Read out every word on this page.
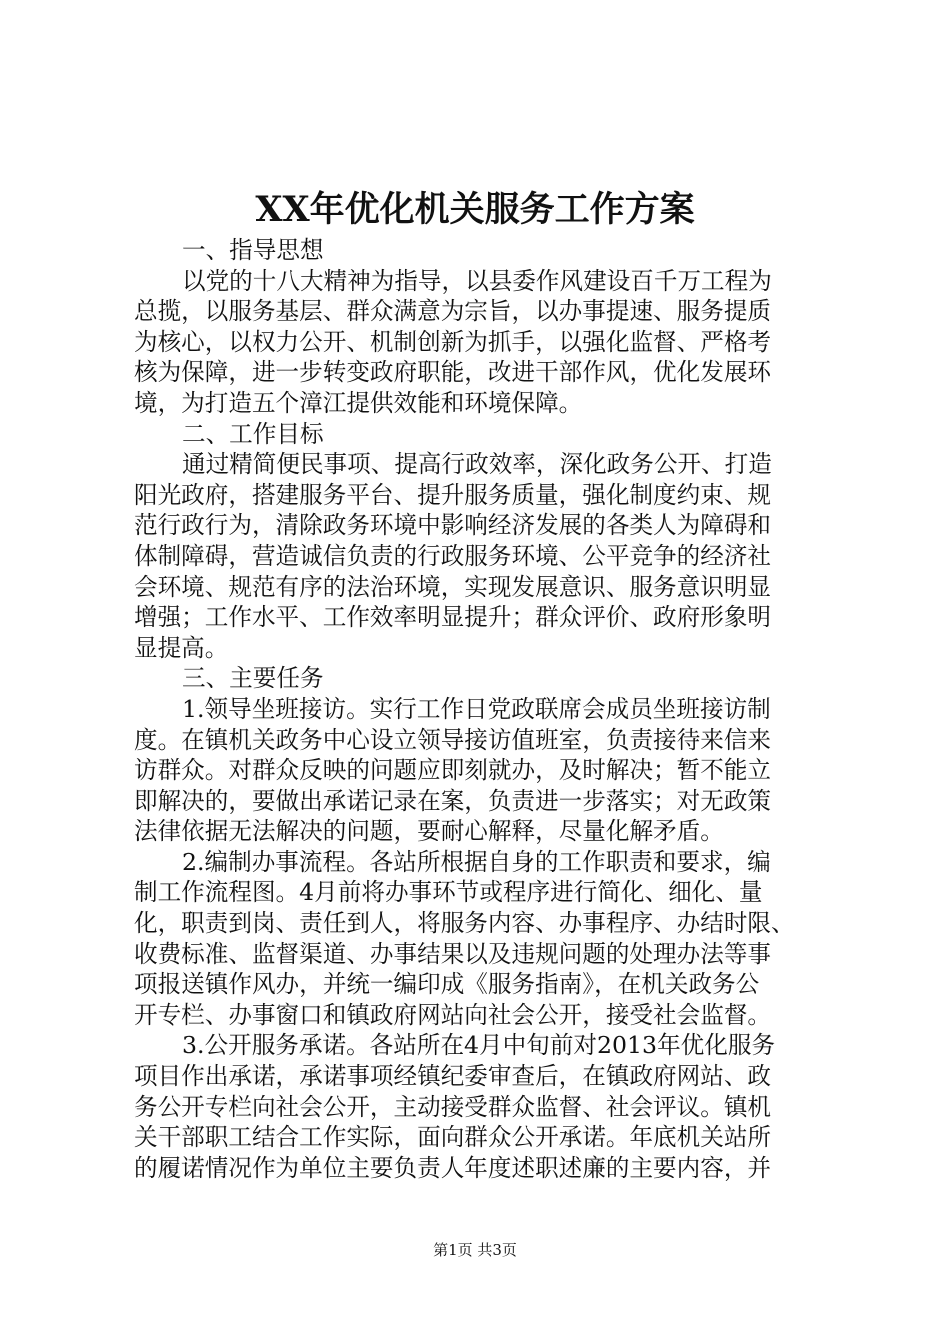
XX年优化机关服务工作方案
一、指导思想
以党的十八大精神为指导，以县委作风建设百千万工程为
总揽，以服务基层、群众满意为宗旨，以办事提速、服务提质
为核心，以权力公开、机制创新为抓手，以强化监督、严格考
核为保障，进一步转变政府职能，改进干部作风，优化发展环
境，为打造五个漳江提供效能和环境保障。
二、工作目标
通过精简便民事项、提高行政效率，深化政务公开、打造
阳光政府，搭建服务平台、提升服务质量，强化制度约束、规
范行政行为，清除政务环境中影响经济发展的各类人为障碍和
体制障碍，营造诚信负责的行政服务环境、公平竞争的经济社
会环境、规范有序的法治环境，实现发展意识、服务意识明显
增强；工作水平、工作效率明显提升；群众评价、政府形象明
显提高。
三、主要任务
1.领导坐班接访。实行工作日党政联席会成员坐班接访制
度。在镇机关政务中心设立领导接访值班室，负责接待来信来
访群众。对群众反映的问题应即刻就办，及时解决；暂不能立
即解决的，要做出承诺记录在案，负责进一步落实；对无政策
法律依据无法解决的问题，要耐心解释，尽量化解矛盾。
2.编制办事流程。各站所根据自身的工作职责和要求，编
制工作流程图。4月前将办事环节或程序进行简化、细化、量
化，职责到岗、责任到人，将服务内容、办事程序、办结时限、
收费标准、监督渠道、办事结果以及违规问题的处理办法等事
项报送镇作风办，并统一编印成《服务指南》，在机关政务公
开专栏、办事窗口和镇政府网站向社会公开，接受社会监督。
3.公开服务承诺。各站所在4月中旬前对2013年优化服务
项目作出承诺，承诺事项经镇纪委审查后，在镇政府网站、政
务公开专栏向社会公开，主动接受群众监督、社会评议。镇机
关干部职工结合工作实际，面向群众公开承诺。年底机关站所
的履诺情况作为单位主要负责人年度述职述廉的主要内容，并
第1页 共3页
